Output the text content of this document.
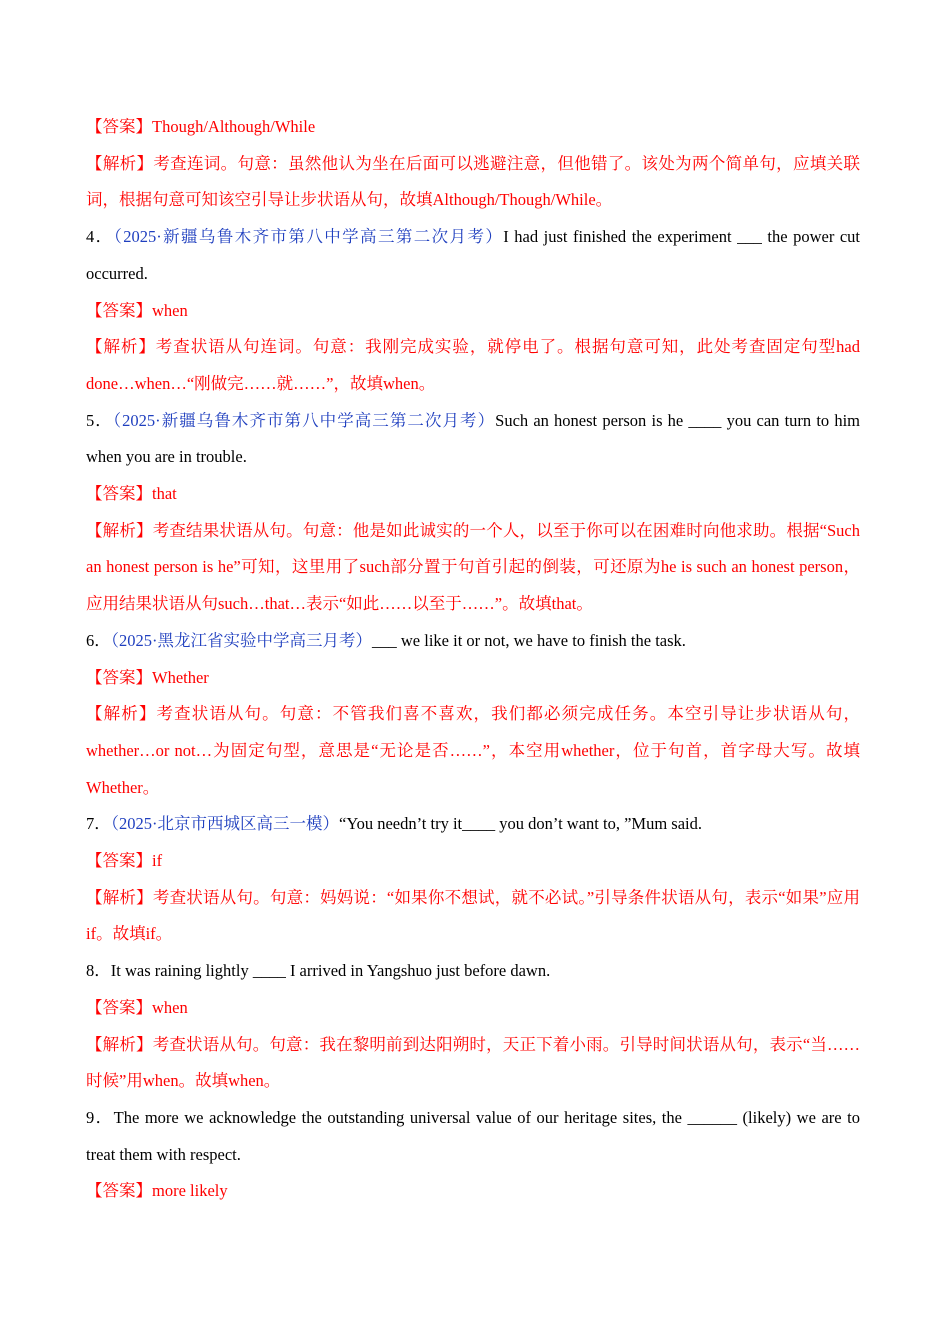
【答案】Though/Although/While

【解析】考查连词。句意：虽然他认为坐在后面可以逃避注意，但他错了。该处为两个简单句，应填关联词，根据句意可知该空引导让步状语从句，故填Although/Though/While。

4．（2025·新疆乌鲁木齐市第八中学高三第二次月考）I had just finished the experiment ___ the power cut occurred.

【答案】when

【解析】考查状语从句连词。句意：我刚完成实验，就停电了。根据句意可知，此处考查固定句型had done…when…“刚做完……就……”，故填when。

5．（2025·新疆乌鲁木齐市第八中学高三第二次月考）Such an honest person is he ____ you can turn to him when you are in trouble.

【答案】that

【解析】考查结果状语从句。句意：他是如此诚实的一个人，以至于你可以在困难时向他求助。根据“Such an honest person is he”可知，这里用了such部分置于句首引起的倒装，可还原为he is such an honest person，应用结果状语从句such…that…表示“如此……以至于……”。故填that。

6．（2025·黑龙江省实验中学高三月考）___ we like it or not, we have to finish the task.

【答案】Whether

【解析】考查状语从句。句意：不管我们喜不喜欢，我们都必须完成任务。本空引导让步状语从句，whether…or not…为固定句型，意思是“无论是否……”，本空用whether，位于句首，首字母大写。故填Whether。

7．（2025·北京市西城区高三一模）“You needn’t try it____ you don’t want to, ”Mum said.

【答案】if

【解析】考查状语从句。句意：妈妈说：“如果你不想试，就不必试。”引导条件状语从句，表示“如果”应用if。故填if。

8．It was raining lightly ____ I arrived in Yangshuo just before dawn.

【答案】when

【解析】考查状语从句。句意：我在黎明前到达阳朔时，天正下着小雨。引导时间状语从句，表示“当……时候”用when。故填when。

9．The more we acknowledge the outstanding universal value of our heritage sites, the ______ (likely) we are to treat them with respect.

【答案】more likely
